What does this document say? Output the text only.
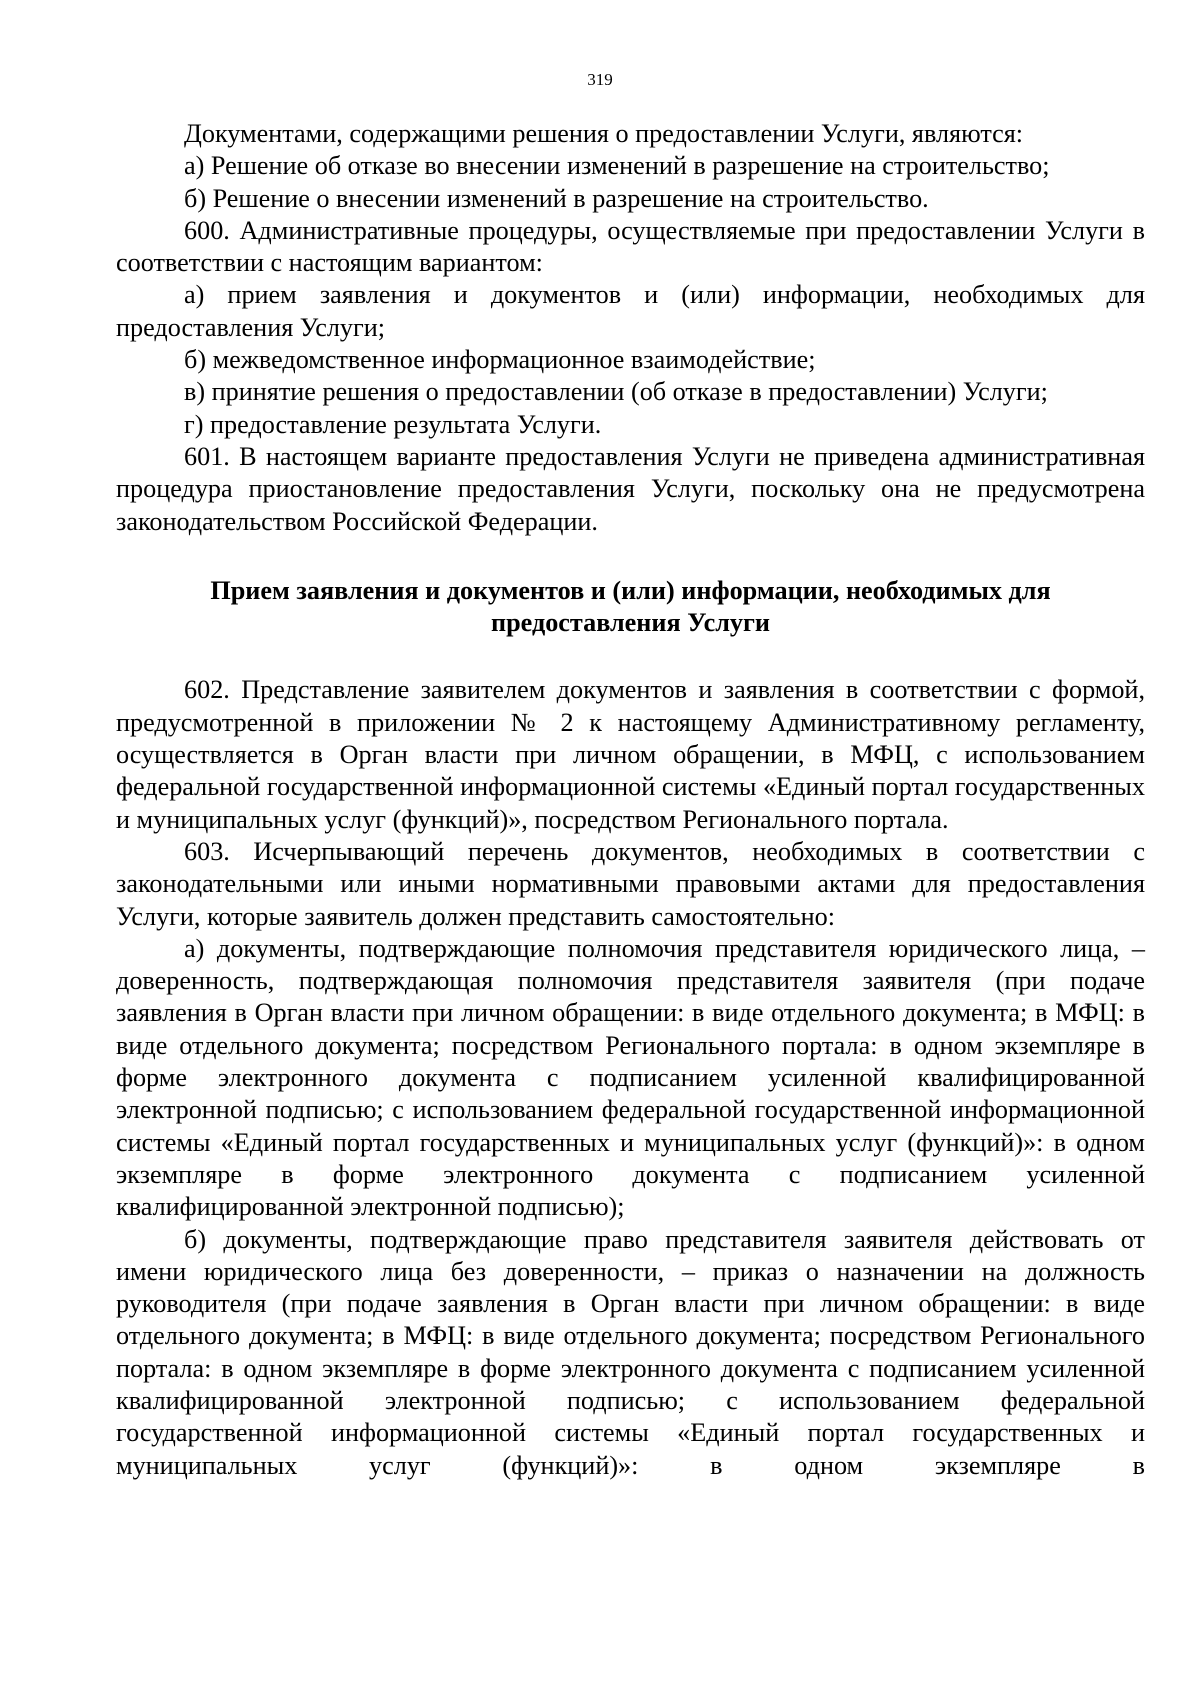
319

Документами, содержащими решения о предоставлении Услуги, являются:

а) Решение об отказе во внесении изменений в разрешение на строительство;

б) Решение о внесении изменений в разрешение на строительство.

600. Административные процедуры, осуществляемые при предоставлении Услуги в соответствии с настоящим вариантом:

а) прием заявления и документов и (или) информации, необходимых для предоставления Услуги;

б) межведомственное информационное взаимодействие;

в) принятие решения о предоставлении (об отказе в предоставлении) Услуги;

г) предоставление результата Услуги.

601. В настоящем варианте предоставления Услуги не приведена административная процедура приостановление предоставления Услуги, поскольку она не предусмотрена законодательством Российской Федерации.

Прием заявления и документов и (или) информации, необходимых для предоставления Услуги

602. Представление заявителем документов и заявления в соответствии с формой, предусмотренной в приложении № 2 к настоящему Административному регламенту, осуществляется в Орган власти при личном обращении, в МФЦ, с использованием федеральной государственной информационной системы «Единый портал государственных и муниципальных услуг (функций)», посредством Регионального портала.

603. Исчерпывающий перечень документов, необходимых в соответствии с законодательными или иными нормативными правовыми актами для предоставления Услуги, которые заявитель должен представить самостоятельно:

а) документы, подтверждающие полномочия представителя юридического лица, – доверенность, подтверждающая полномочия представителя заявителя (при подаче заявления в Орган власти при личном обращении: в виде отдельного документа; в МФЦ: в виде отдельного документа; посредством Регионального портала: в одном экземпляре в форме электронного документа с подписанием усиленной квалифицированной электронной подписью; с использованием федеральной государственной информационной системы «Единый портал государственных и муниципальных услуг (функций)»: в одном экземпляре в форме электронного документа с подписанием усиленной квалифицированной электронной подписью);

б) документы, подтверждающие право представителя заявителя действовать от имени юридического лица без доверенности, – приказ о назначении на должность руководителя (при подаче заявления в Орган власти при личном обращении: в виде отдельного документа; в МФЦ: в виде отдельного документа; посредством Регионального портала: в одном экземпляре в форме электронного документа с подписанием усиленной квалифицированной электронной подписью; с использованием федеральной государственной информационной системы «Единый портал государственных и муниципальных услуг (функций)»: в одном экземпляре в
